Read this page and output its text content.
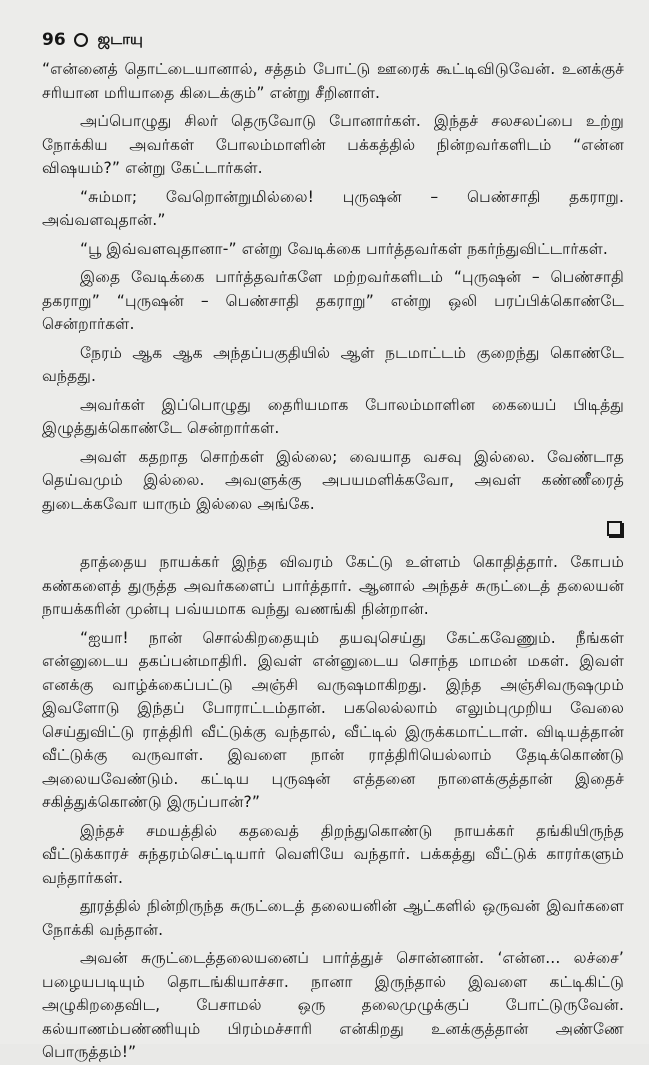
96 ஜடாயு

“என்னைத் தொட்டையானால், சத்தம் போட்டு ஊரைக் கூட்டிவிடுவேன். உனக்குச் சரியான மரியாதை கிடைக்கும்” என்று சீறினாள்.

அப்பொழுது சிலர் தெருவோடு போனார்கள். இந்தச் சலசலப்பை உற்று நோக்கிய அவர்கள் போலம்மாளின் பக்கத்தில் நின்றவர்களிடம் “என்ன விஷயம்?” என்று கேட்டார்கள்.

“சும்மா; வேறொன்றுமில்லை! புருஷன் – பெண்சாதி தகராறு. அவ்வளவுதான்.”

“பூ இவ்வளவுதானா-” என்று வேடிக்கை பார்த்தவர்கள் நகர்ந்துவிட்டார்கள்.

இதை வேடிக்கை பார்த்தவர்களே மற்றவர்களிடம் “புருஷன் – பெண்சாதி தகராறு” “புருஷன் – பெண்சாதி தகராறு” என்று ஒலி பரப்பிக்கொண்டே சென்றார்கள்.

நேரம் ஆக ஆக அந்தப்பகுதியில் ஆள் நடமாட்டம் குறைந்து கொண்டே வந்தது.

அவர்கள் இப்பொழுது தைரியமாக போலம்மாளின கையைப் பிடித்து இழுத்துக்கொண்டே சென்றார்கள்.

அவள் கதறாத சொற்கள் இல்லை; வையாத வசவு இல்லை. வேண்டாத தெய்வமும் இல்லை. அவளுக்கு அபயமளிக்கவோ, அவள் கண்ணீரைத் துடைக்கவோ யாரும் இல்லை அங்கே.

தாத்தைய நாயக்கர் இந்த விவரம் கேட்டு உள்ளம் கொதித்தார். கோபம் கண்களைத் துருத்த அவர்களைப் பார்த்தார். ஆனால் அந்தச் சுருட்டைத் தலையன் நாயக்கரின் முன்பு பவ்யமாக வந்து வணங்கி நின்றான்.

“ஐயா! நான் சொல்கிறதையும் தயவுசெய்து கேட்கவேணும். நீங்கள் என்னுடைய தகப்பன்மாதிரி. இவள் என்னுடைய சொந்த மாமன் மகள். இவள் எனக்கு வாழ்க்கைப்பட்டு அஞ்சி வருஷமாகிறது. இந்த அஞ்சிவருஷமும் இவளோடு இந்தப் போராட்டம்தான். பகலெல்லாம் எலும்புமுறிய வேலை செய்துவிட்டு ராத்திரி வீட்டுக்கு வந்தால், வீட்டில் இருக்கமாட்டாள். விடியத்தான் வீட்டுக்கு வருவாள். இவளை நான் ராத்திரியெல்லாம் தேடிக்கொண்டு அலையவேண்டும். கட்டிய புருஷன் எத்தனை நாளைக்குத்தான் இதைச் சகித்துக்கொண்டு இருப்பான்?”

இந்தச் சமயத்தில் கதவைத் திறந்துகொண்டு நாயக்கர் தங்கியிருந்த வீட்டுக்காரச் சுந்தரம்செட்டியார் வெளியே வந்தார். பக்கத்து வீட்டுக் காரர்களும் வந்தார்கள்.

தூரத்தில் நின்றிருந்த சுருட்டைத் தலையனின் ஆட்களில் ஒருவன் இவர்களை நோக்கி வந்தான்.

அவன் சுருட்டைத்தலையனைப் பார்த்துச் சொன்னான். ‘என்ன... லச்சை’ பழையபடியும் தொடங்கியாச்சா. நானா இருந்தால் இவளை கட்டிகிட்டு அழுகிறதைவிட, பேசாமல் ஒரு தலைமுழுக்குப் போட்டுருவேன். கல்யாணம்பண்ணியும் பிரம்மச்சாரி என்கிறது உனக்குத்தான் அண்ணே பொருத்தம்!”
